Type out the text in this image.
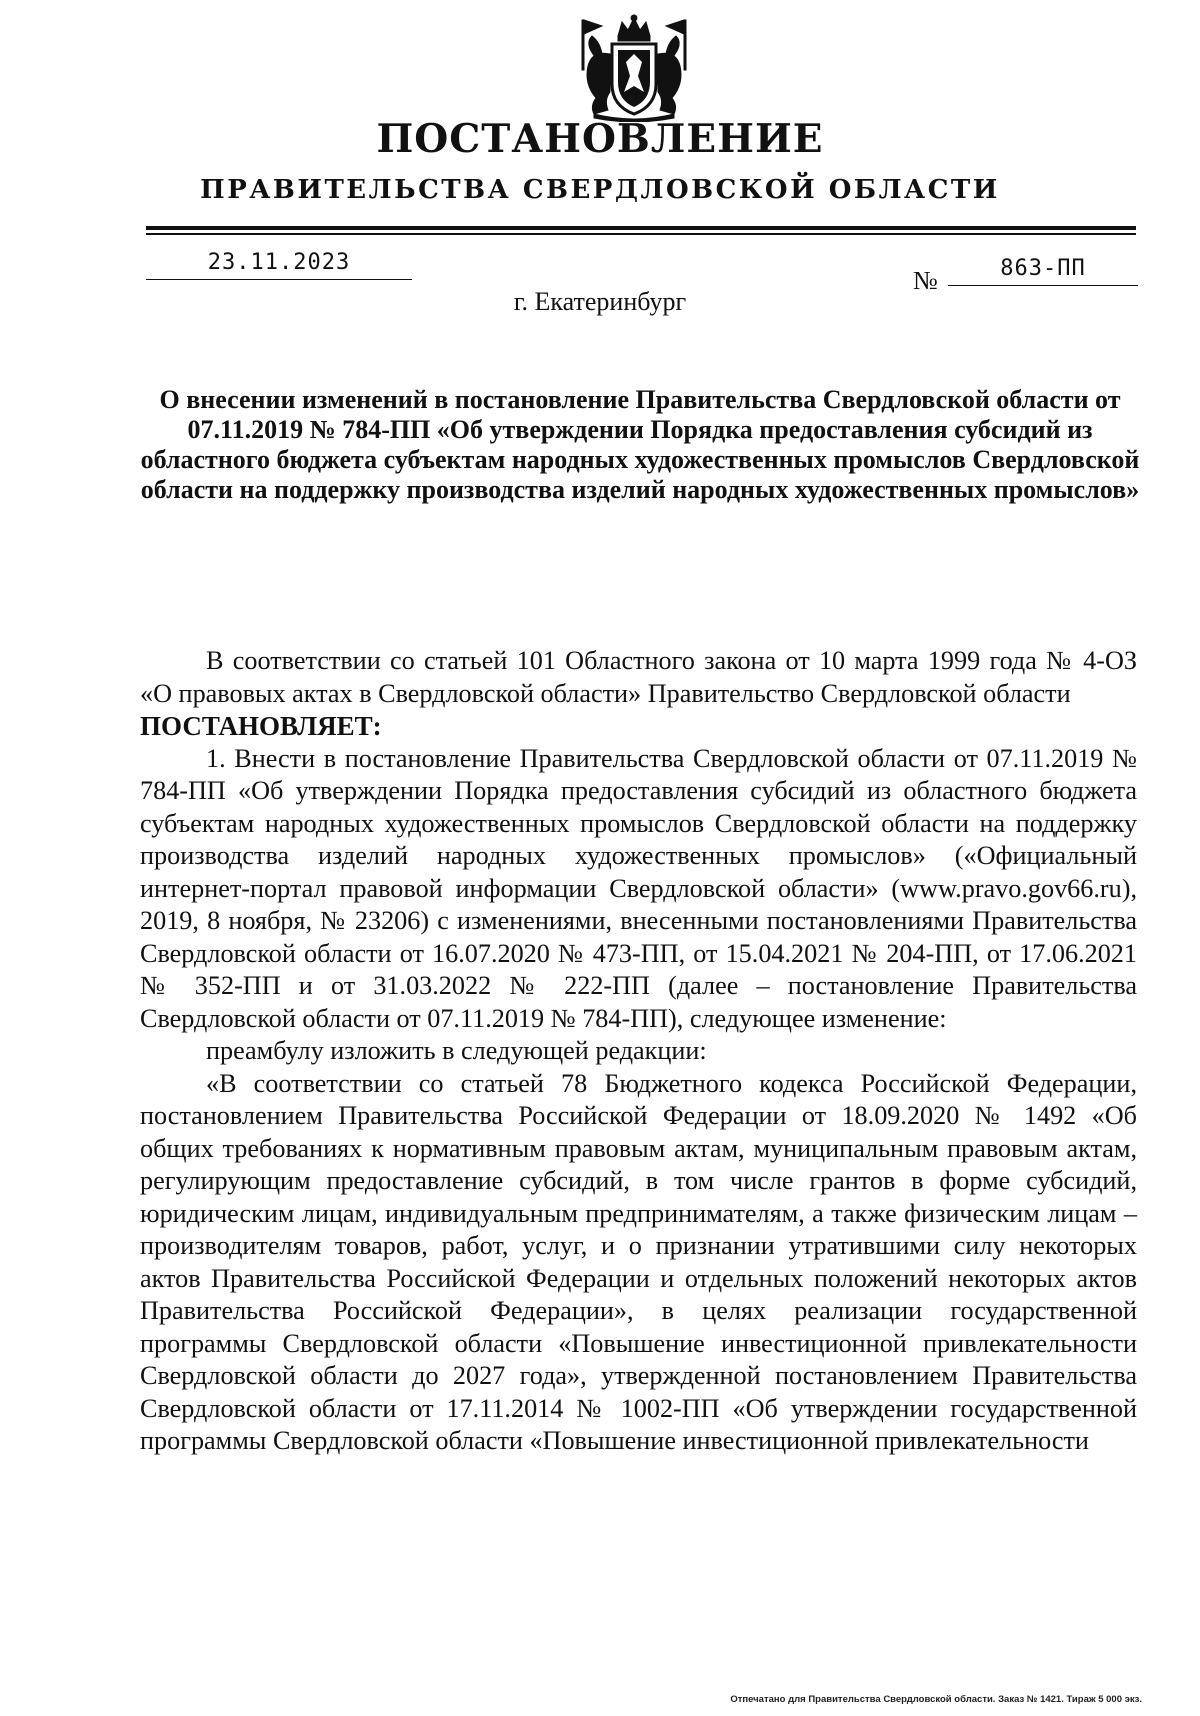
ПОСТАНОВЛЕНИЕ
ПРАВИТЕЛЬСТВА СВЕРДЛОВСКОЙ ОБЛАСТИ
23.11.2023
№	863-ПП
г. Екатеринбург
О внесении изменений в постановление Правительства Свердловской области от 07.11.2019 № 784-ПП «Об утверждении Порядка предоставления субсидий из областного бюджета субъектам народных художественных промыслов Свердловской области на поддержку производства изделий народных художественных промыслов»

В соответствии со статьей 101 Областного закона от 10 марта 1999 года № 4-ОЗ «О правовых актах в Свердловской области» Правительство Свердловской области

ПОСТАНОВЛЯЕТ:

1. Внести в постановление Правительства Свердловской области от 07.11.2019 № 784-ПП «Об утверждении Порядка предоставления субсидий из областного бюджета субъектам народных художественных промыслов Свердловской области на поддержку производства изделий народных художественных промыслов» («Официальный интернет-портал правовой информации Свердловской области» (www.pravo.gov66.ru), 2019, 8 ноября, № 23206) с изменениями, внесенными постановлениями Правительства Свердловской области от 16.07.2020 № 473-ПП, от 15.04.2021 № 204-ПП, от 17.06.2021 № 352-ПП и от 31.03.2022 № 222-ПП (далее – постановление Правительства Свердловской области от 07.11.2019 № 784-ПП), следующее изменение:

преамбулу изложить в следующей редакции:

«В соответствии со статьей 78 Бюджетного кодекса Российской Федерации, постановлением Правительства Российской Федерации от 18.09.2020 № 1492 «Об общих требованиях к нормативным правовым актам, муниципальным правовым актам, регулирующим предоставление субсидий, в том числе грантов в форме субсидий, юридическим лицам, индивидуальным предпринимателям, а также физическим лицам – производителям товаров, работ, услуг, и о признании утратившими силу некоторых актов Правительства Российской Федерации и отдельных положений некоторых актов Правительства Российской Федерации», в целях реализации государственной программы Свердловской области «Повышение инвестиционной привлекательности Свердловской области до 2027 года», утвержденной постановлением Правительства Свердловской области от 17.11.2014 № 1002-ПП «Об утверждении государственной программы Свердловской области «Повышение инвестиционной привлекательности

Отпечатано для Правительства Свердловской области. Заказ № 1421. Тираж 5 000 экз.
